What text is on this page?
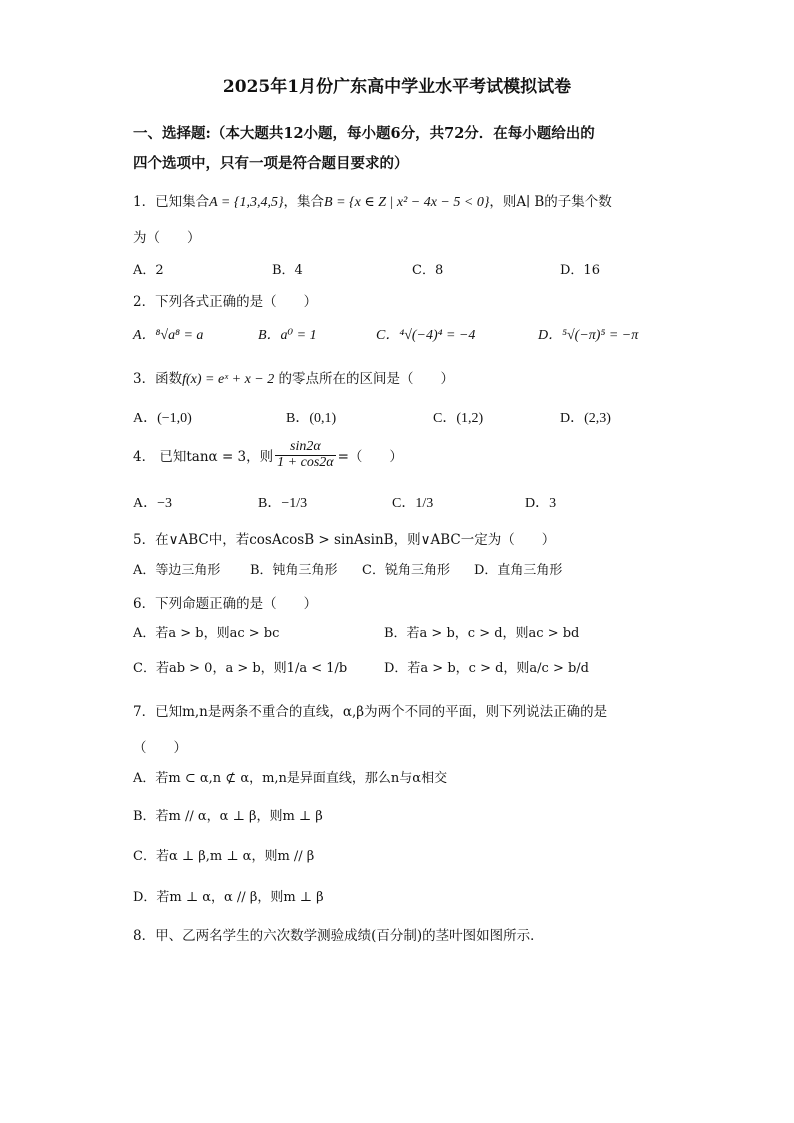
2025年1月份广东高中学业水平考试模拟试卷
一、选择题:（本大题共12小题，每小题6分，共72分．在每小题给出的
四个选项中，只有一项是符合题目要求的）
1．已知集合A = {1,3,4,5}，集合B = {x ∈ Z | x² − 4x − 5 < 0}，则A∣ B的子集个数
为（　　）
A．2	B．4	C．8	D．16
2．下列各式正确的是（　　）
A．⁸√a⁸ = a	B．a⁰ = 1	C．⁴√(−4)⁴ = −4	D．⁵√(−π)⁵ = −π
3．函数f(x) = eˣ + x − 2 的零点所在的区间是（　　）
A．(−1,0)	B．(0,1)	C．(1,2)	D．(2,3)
4． 已知tanα = 3，则 $\frac{\sin 2\alpha}{1 + \cos 2\alpha}$ =（　　）
A．−3	B．−1/3	C．1/3	D．3
5．在∨ABC中，若cosAcosB > sinAsinB，则∨ABC一定为（　　）
A．等边三角形 B．钝角三角形 C．锐角三角形 D．直角三角形
6．下列命题正确的是（　　）
A．若a > b，则ac > bc	B．若a > b，c > d，则ac > bd
C．若ab > 0，a > b，则1/a < 1/b	D．若a > b，c > d，则a/c > b/d
7．已知m,n是两条不重合的直线，α,β为两个不同的平面，则下列说法正确的是
（　　）
A．若m ⊂ α,n ⊄ α，m,n是异面直线，那么n与α相交
B．若m // α，α ⊥ β，则m ⊥ β
C．若α ⊥ β,m ⊥ α，则m // β
D．若m ⊥ α，α // β，则m ⊥ β
8．甲、乙两名学生的六次数学测验成绩(百分制)的茎叶图如图所示．
